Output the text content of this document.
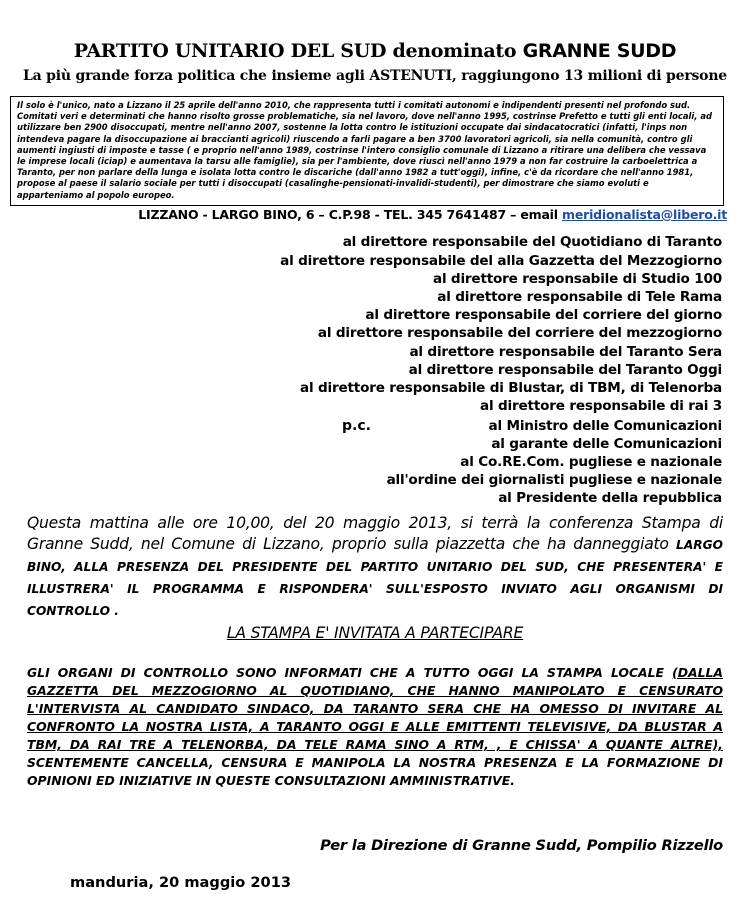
PARTITO UNITARIO DEL SUD denominato GRANNE SUDD
La più grande forza politica che insieme agli ASTENUTI, raggiungono 13 milioni di persone

Il solo è l'unico, nato a Lizzano il 25 aprile dell'anno 2010, che rappresenta tutti i comitati autonomi e indipendenti presenti nel profondo sud. Comitati veri e determinati che hanno risolto grosse problematiche, sia nel lavoro, dove nell'anno 1995, costrinse Prefetto e tutti gli enti locali, ad utilizzare ben 2900 disoccupati, mentre nell'anno 2007, sostenne la lotta contro le istituzioni occupate dai sindacatocratici (infatti, l'inps non intendeva pagare la disoccupazione ai braccianti agricoli) riuscendo a farli pagare a ben 3700 lavoratori agricoli, sia nella comunità, contro gli aumenti ingiusti di imposte e tasse ( e proprio nell'anno 1989, costrinse l'intero consiglio comunale di Lizzano a ritirare una delibera che vessava le imprese locali (iciap) e aumentava la tarsu alle famiglie), sia per l'ambiente, dove riuscì nell'anno 1979 a non far costruire la carboelettrica a Taranto, per non parlare della lunga e isolata lotta contro le discariche (dall'anno 1982 a tutt'oggi), infine, c'è da ricordare che nell'anno 1981, propose al paese il salario sociale per tutti i disoccupati (casalinghe-pensionati-invalidi-studenti), per dimostrare che siamo evoluti e apparteniamo al popolo europeo.

LIZZANO - LARGO BINO, 6 – C.P.98 - TEL. 345 7641487 – email meridionalista@libero.it
al direttore responsabile del Quotidiano di Taranto
al direttore responsabile del alla Gazzetta del Mezzogiorno
al direttore responsabile di Studio 100
al direttore responsabile di Tele Rama
al direttore responsabile del corriere del giorno
al direttore responsabile del corriere del mezzogiorno
al direttore responsabile del Taranto Sera
al direttore responsabile del Taranto Oggi
al direttore responsabile di Blustar, di TBM, di Telenorba
al direttore responsabile di rai 3
al Ministro delle Comunicazioni
al garante delle Comunicazioni
al Co.RE.Com. pugliese e nazionale
all'ordine dei giornalisti pugliese e nazionale
al Presidente della repubblica
p.c.
Questa mattina alle ore 10,00, del 20 maggio 2013, si terrà la conferenza Stampa di Granne Sudd, nel Comune di Lizzano, proprio sulla piazzetta che ha danneggiato LARGO BINO, ALLA PRESENZA DEL PRESIDENTE DEL PARTITO UNITARIO DEL SUD, CHE PRESENTERA' E ILLUSTRERA' IL PROGRAMMA E RISPONDERA' SULL'ESPOSTO INVIATO AGLI ORGANISMI DI CONTROLLO .
LA STAMPA E' INVITATA A PARTECIPARE
GLI ORGANI DI CONTROLLO SONO INFORMATI CHE A TUTTO OGGI LA STAMPA LOCALE (DALLA GAZZETTA DEL MEZZOGIORNO AL QUOTIDIANO, CHE HANNO MANIPOLATO E CENSURATO L'INTERVISTA AL CANDIDATO SINDACO, DA TARANTO SERA CHE HA OMESSO DI INVITARE AL CONFRONTO LA NOSTRA LISTA, A TARANTO OGGI E ALLE EMITTENTI TELEVISIVE, DA BLUSTAR A TBM, DA RAI TRE A TELENORBA, DA TELE RAMA SINO A RTM, , E CHISSA' A QUANTE ALTRE), SCENTEMENTE CANCELLA, CENSURA E MANIPOLA LA NOSTRA PRESENZA E LA FORMAZIONE DI OPINIONI ED INIZIATIVE IN QUESTE CONSULTAZIONI AMMINISTRATIVE.
Per la Direzione di Granne Sudd, Pompilio Rizzello
manduria, 20 maggio 2013
